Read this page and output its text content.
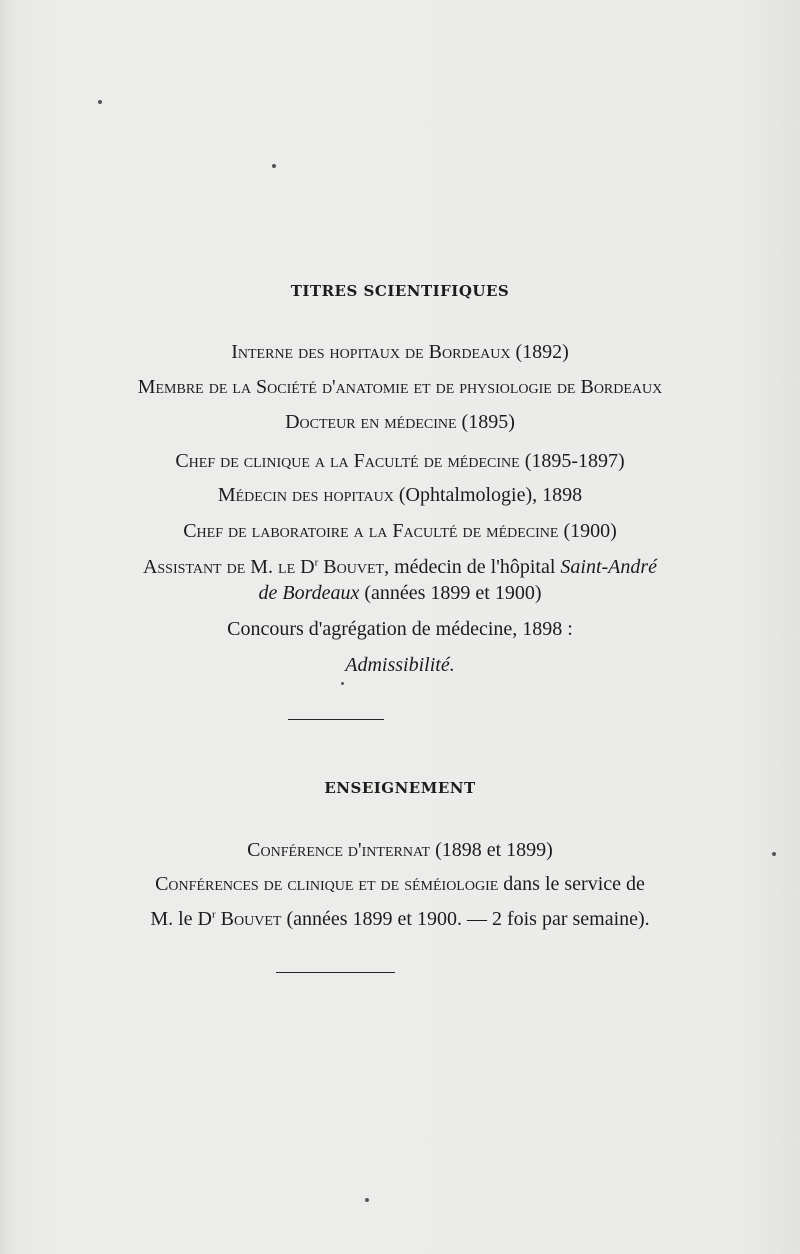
TITRES SCIENTIFIQUES
Interne des hopitaux de Bordeaux (1892)
Membre de la Société d'anatomie et de physiologie de Bordeaux
Docteur en médecine (1895)
Chef de clinique a la Faculté de médecine (1895-1897)
Médecin des hopitaux (Ophtalmologie), 1898
Chef de laboratoire a la Faculté de médecine (1900)
Assistant de M. le $D^r$ Bouvet, médecin de l'hôpital Saint-André
de Bordeaux (années 1899 et 1900)
Concours d'agrégation de médecine, 1898 :
Admissibilité.
ENSEIGNEMENT
Conférence d'internat (1898 et 1899)
Conférences de clinique et de séméiologie dans le service de
M. le $D^r$ Bouvet (années 1899 et 1900. — 2 fois par semaine).
